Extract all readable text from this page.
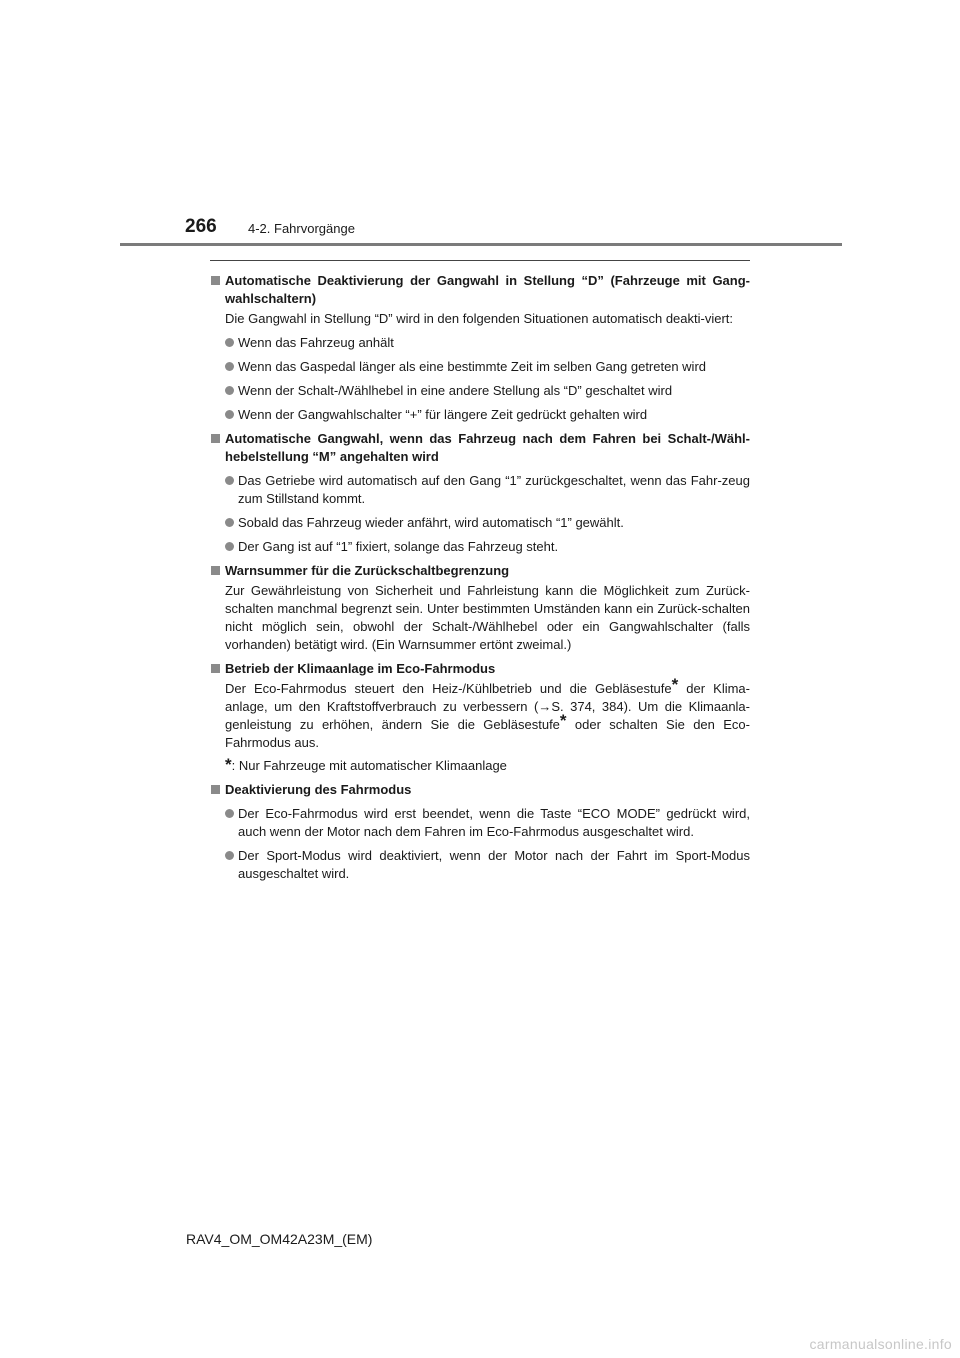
266 4-2. Fahrvorgänge
Automatische Deaktivierung der Gangwahl in Stellung “D” (Fahrzeuge mit Gang-wahlschaltern)
Die Gangwahl in Stellung “D” wird in den folgenden Situationen automatisch deakti-viert:
Wenn das Fahrzeug anhält
Wenn das Gaspedal länger als eine bestimmte Zeit im selben Gang getreten wird
Wenn der Schalt-/Wählhebel in eine andere Stellung als “D” geschaltet wird
Wenn der Gangwahlschalter “+” für längere Zeit gedrückt gehalten wird
Automatische Gangwahl, wenn das Fahrzeug nach dem Fahren bei Schalt-/Wähl-hebelstellung “M” angehalten wird
Das Getriebe wird automatisch auf den Gang “1” zurückgeschaltet, wenn das Fahr-zeug zum Stillstand kommt.
Sobald das Fahrzeug wieder anfährt, wird automatisch “1” gewählt.
Der Gang ist auf “1” fixiert, solange das Fahrzeug steht.
Warnsummer für die Zurückschaltbegrenzung
Zur Gewährleistung von Sicherheit und Fahrleistung kann die Möglichkeit zum Zurück-schalten manchmal begrenzt sein. Unter bestimmten Umständen kann ein Zurück-schalten nicht möglich sein, obwohl der Schalt-/Wählhebel oder ein Gangwahlschalter (falls vorhanden) betätigt wird. (Ein Warnsummer ertönt zweimal.)
Betrieb der Klimaanlage im Eco-Fahrmodus
Der Eco-Fahrmodus steuert den Heiz-/Kühlbetrieb und die Gebläsestufe* der Klima-anlage, um den Kraftstoffverbrauch zu verbessern (→S. 374, 384). Um die Klimaanla-genleistung zu erhöhen, ändern Sie die Gebläsestufe* oder schalten Sie den Eco-Fahrmodus aus.
*: Nur Fahrzeuge mit automatischer Klimaanlage
Deaktivierung des Fahrmodus
Der Eco-Fahrmodus wird erst beendet, wenn die Taste “ECO MODE” gedrückt wird, auch wenn der Motor nach dem Fahren im Eco-Fahrmodus ausgeschaltet wird.
Der Sport-Modus wird deaktiviert, wenn der Motor nach der Fahrt im Sport-Modus ausgeschaltet wird.
RAV4_OM_OM42A23M_(EM)
carmanualsonline.info
